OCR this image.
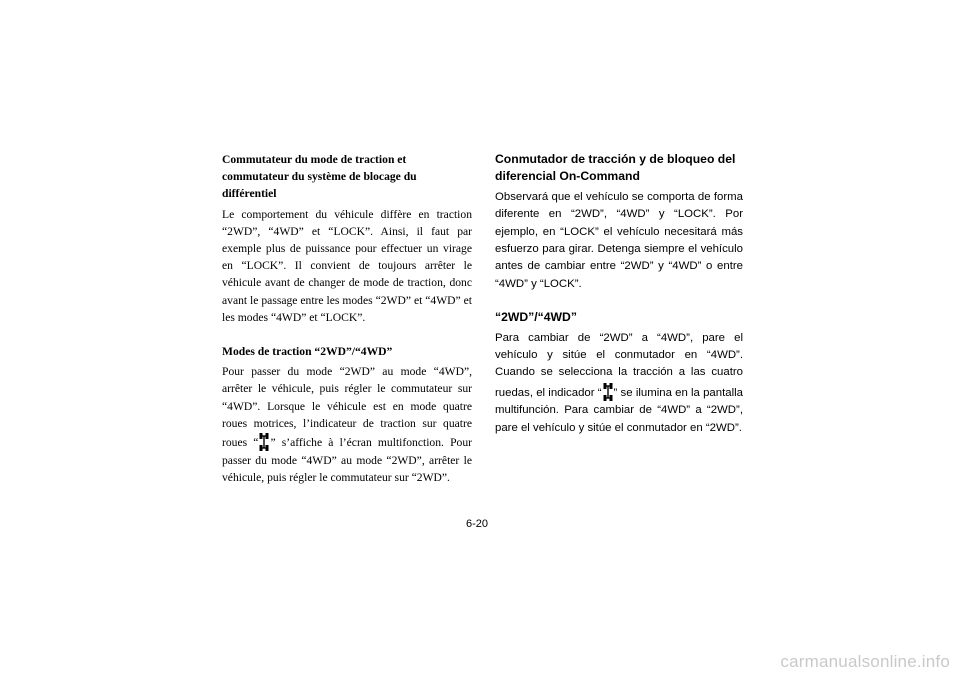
Commutateur du mode de traction et commutateur du système de blocage du différentiel

Le comportement du véhicule diffère en traction “2WD”, “4WD” et “LOCK”. Ainsi, il faut par exemple plus de puissance pour effectuer un virage en “LOCK”. Il convient de toujours arrêter le véhicule avant de changer de mode de traction, donc avant le passage entre les modes “2WD” et “4WD” et les modes “4WD” et “LOCK”.

Modes de traction “2WD”/“4WD”

Pour passer du mode “2WD” au mode “4WD”, arrêter le véhicule, puis régler le commutateur sur “4WD”. Lorsque le véhicule est en mode quatre roues motrices, l’indicateur de traction sur quatre roues “ ” s’affiche à l’écran multifonction. Pour passer du mode “4WD” au mode “2WD”, arrêter le véhicule, puis régler le commutateur sur “2WD”.

Conmutador de tracción y de bloqueo del diferencial On-Command

Observará que el vehículo se comporta de forma diferente en “2WD”, “4WD” y “LOCK”. Por ejemplo, en “LOCK” el vehículo necesitará más esfuerzo para girar. Detenga siempre el vehículo antes de cambiar entre “2WD” y “4WD” o entre “4WD” y “LOCK”.

“2WD”/“4WD”

Para cambiar de “2WD” a “4WD”, pare el vehículo y sitúe el conmutador en “4WD”. Cuando se selecciona la tracción a las cuatro ruedas, el indicador “ ” se ilumina en la pantalla multifunción. Para cambiar de “4WD” a “2WD”, pare el vehículo y sitúe el conmutador en “2WD”.

6-20
carmanualsonline.info
